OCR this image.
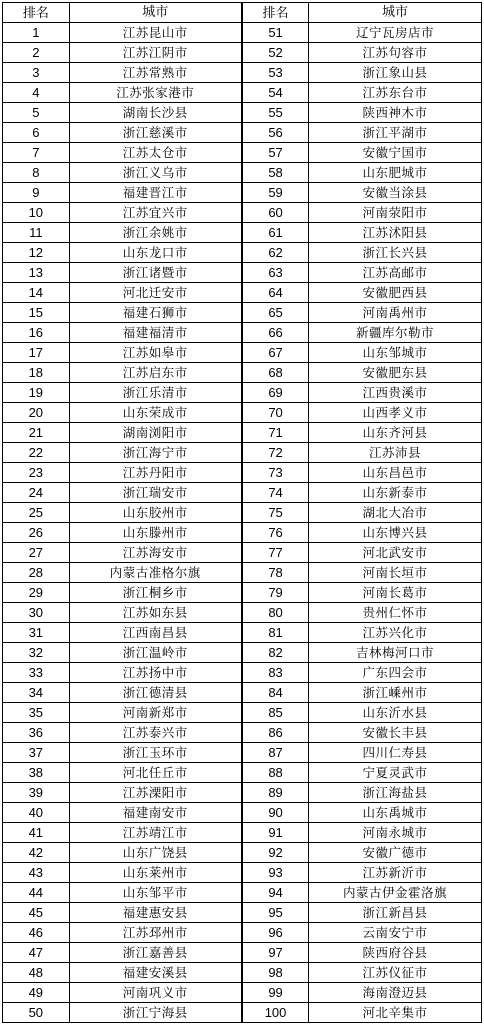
排名	城市	排名	城市
1	江苏昆山市	51	辽宁瓦房店市
2	江苏江阴市	52	江苏句容市
3	江苏常熟市	53	浙江象山县
4	江苏张家港市	54	江苏东台市
5	湖南长沙县	55	陕西神木市
6	浙江慈溪市	56	浙江平湖市
7	江苏太仓市	57	安徽宁国市
8	浙江义乌市	58	山东肥城市
9	福建晋江市	59	安徽当涂县
10	江苏宜兴市	60	河南荥阳市
11	浙江余姚市	61	江苏沭阳县
12	山东龙口市	62	浙江长兴县
13	浙江诸暨市	63	江苏高邮市
14	河北迁安市	64	安徽肥西县
15	福建石狮市	65	河南禹州市
16	福建福清市	66	新疆库尔勒市
17	江苏如皋市	67	山东邹城市
18	江苏启东市	68	安徽肥东县
19	浙江乐清市	69	江西贵溪市
20	山东荣成市	70	山西孝义市
21	湖南浏阳市	71	山东齐河县
22	浙江海宁市	72	江苏沛县
23	江苏丹阳市	73	山东昌邑市
24	浙江瑞安市	74	山东新泰市
25	山东胶州市	75	湖北大冶市
26	山东滕州市	76	山东博兴县
27	江苏海安市	77	河北武安市
28	内蒙古准格尔旗	78	河南长垣市
29	浙江桐乡市	79	河南长葛市
30	江苏如东县	80	贵州仁怀市
31	江西南昌县	81	江苏兴化市
32	浙江温岭市	82	吉林梅河口市
33	江苏扬中市	83	广东四会市
34	浙江德清县	84	浙江嵊州市
35	河南新郑市	85	山东沂水县
36	江苏泰兴市	86	安徽长丰县
37	浙江玉环市	87	四川仁寿县
38	河北任丘市	88	宁夏灵武市
39	江苏溧阳市	89	浙江海盐县
40	福建南安市	90	山东禹城市
41	江苏靖江市	91	河南永城市
42	山东广饶县	92	安徽广德市
43	山东莱州市	93	江苏新沂市
44	山东邹平市	94	内蒙古伊金霍洛旗
45	福建惠安县	95	浙江新昌县
46	江苏邳州市	96	云南安宁市
47	浙江嘉善县	97	陕西府谷县
48	福建安溪县	98	江苏仪征市
49	河南巩义市	99	海南澄迈县
50	浙江宁海县	100	河北辛集市
